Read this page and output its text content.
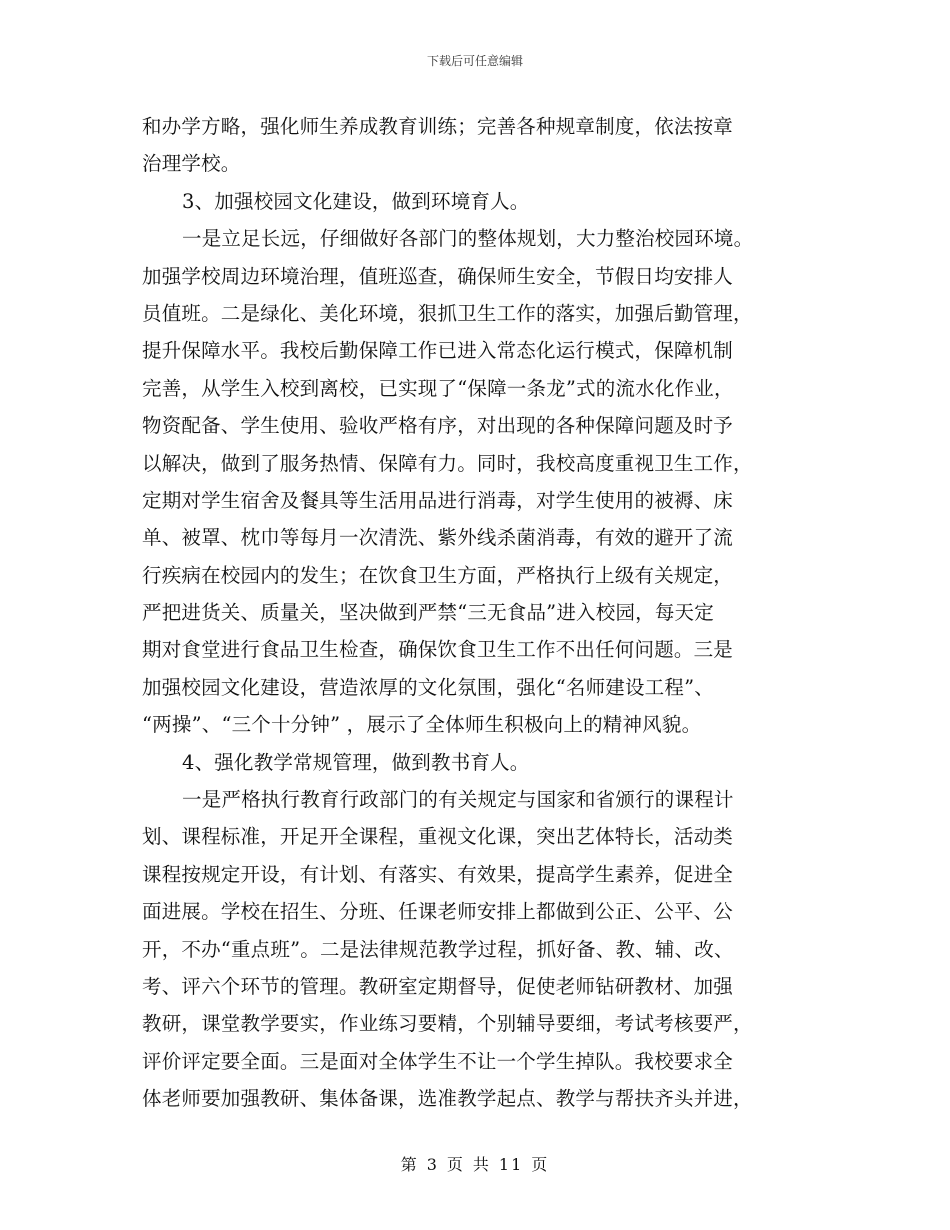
下载后可任意编辑
和办学方略，强化师生养成教育训练；完善各种规章制度，依法按章
治理学校。
3、加强校园文化建设，做到环境育人。
一是立足长远，仔细做好各部门的整体规划，大力整治校园环境。
加强学校周边环境治理，值班巡查，确保师生安全，节假日均安排人
员值班。二是绿化、美化环境，狠抓卫生工作的落实，加强后勤管理，
提升保障水平。我校后勤保障工作已进入常态化运行模式，保障机制
完善，从学生入校到离校，已实现了“保障一条龙”式的流水化作业，
物资配备、学生使用、验收严格有序，对出现的各种保障问题及时予
以解决，做到了服务热情、保障有力。同时，我校高度重视卫生工作，
定期对学生宿舍及餐具等生活用品进行消毒，对学生使用的被褥、床
单、被罩、枕巾等每月一次清洗、紫外线杀菌消毒，有效的避开了流
行疾病在校园内的发生；在饮食卫生方面，严格执行上级有关规定，
严把进货关、质量关，坚决做到严禁“三无食品”进入校园，每天定
期对食堂进行食品卫生检查，确保饮食卫生工作不出任何问题。三是
加强校园文化建设，营造浓厚的文化氛围，强化“名师建设工程”、
“两操”、“三个十分钟” ，展示了全体师生积极向上的精神风貌。
4、强化教学常规管理，做到教书育人。
一是严格执行教育行政部门的有关规定与国家和省颁行的课程计
划、课程标准，开足开全课程，重视文化课，突出艺体特长，活动类
课程按规定开设，有计划、有落实、有效果，提高学生素养，促进全
面进展。学校在招生、分班、任课老师安排上都做到公正、公平、公
开，不办“重点班”。二是法律规范教学过程，抓好备、教、辅、改、
考、评六个环节的管理。教研室定期督导，促使老师钻研教材、加强
教研，课堂教学要实，作业练习要精，个别辅导要细，考试考核要严，
评价评定要全面。三是面对全体学生不让一个学生掉队。我校要求全
体老师要加强教研、集体备课，选准教学起点、教学与帮扶齐头并进，
第 3 页 共 11 页
